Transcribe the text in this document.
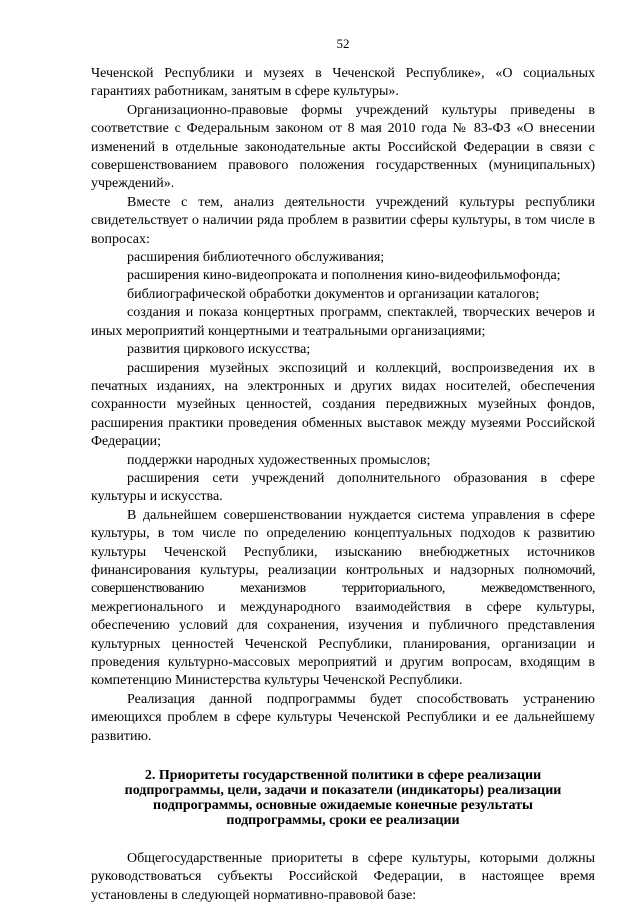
52

Чеченской Республики и музеях в Чеченской Республике», «О социальных гарантиях работникам, занятым в сфере культуры».

Организационно-правовые формы учреждений культуры приведены в соответствие с Федеральным законом от 8 мая 2010 года № 83-ФЗ «О внесении изменений в отдельные законодательные акты Российской Федерации в связи с совершенствованием правового положения государственных (муниципальных) учреждений».

Вместе с тем, анализ деятельности учреждений культуры республики свидетельствует о наличии ряда проблем в развитии сферы культуры, в том числе в вопросах:

расширения библиотечного обслуживания;

расширения кино-видеопроката и пополнения кино-видеофильмофонда;

библиографической обработки документов и организации каталогов;

создания и показа концертных программ, спектаклей, творческих вечеров и иных мероприятий концертными и театральными организациями;

развития циркового искусства;

расширения музейных экспозиций и коллекций, воспроизведения их в печатных изданиях, на электронных и других видах носителей, обеспечения сохранности музейных ценностей, создания передвижных музейных фондов, расширения практики проведения обменных выставок между музеями Российской Федерации;

поддержки народных художественных промыслов;

расширения сети учреждений дополнительного образования в сфере культуры и искусства.

В дальнейшем совершенствовании нуждается система управления в сфере культуры, в том числе по определению концептуальных подходов к развитию культуры Чеченской Республики, изысканию внебюджетных источников финансирования культуры, реализации контрольных и надзорных полномочий, совершенствованию механизмов территориального, межведомственного, межрегионального и международного взаимодействия в сфере культуры, обеспечению условий для сохранения, изучения и публичного представления культурных ценностей Чеченской Республики, планирования, организации и проведения культурно-массовых мероприятий и другим вопросам, входящим в компетенцию Министерства культуры Чеченской Республики.

Реализация данной подпрограммы будет способствовать устранению имеющихся проблем в сфере культуры Чеченской Республики и ее дальнейшему развитию.

2. Приоритеты государственной политики в сфере реализации
подпрограммы, цели, задачи и показатели (индикаторы) реализации
подпрограммы, основные ожидаемые конечные результаты
подпрограммы, сроки ее реализации

Общегосударственные приоритеты в сфере культуры, которыми должны руководствоваться субъекты Российской Федерации, в настоящее время установлены в следующей нормативно-правовой базе:
